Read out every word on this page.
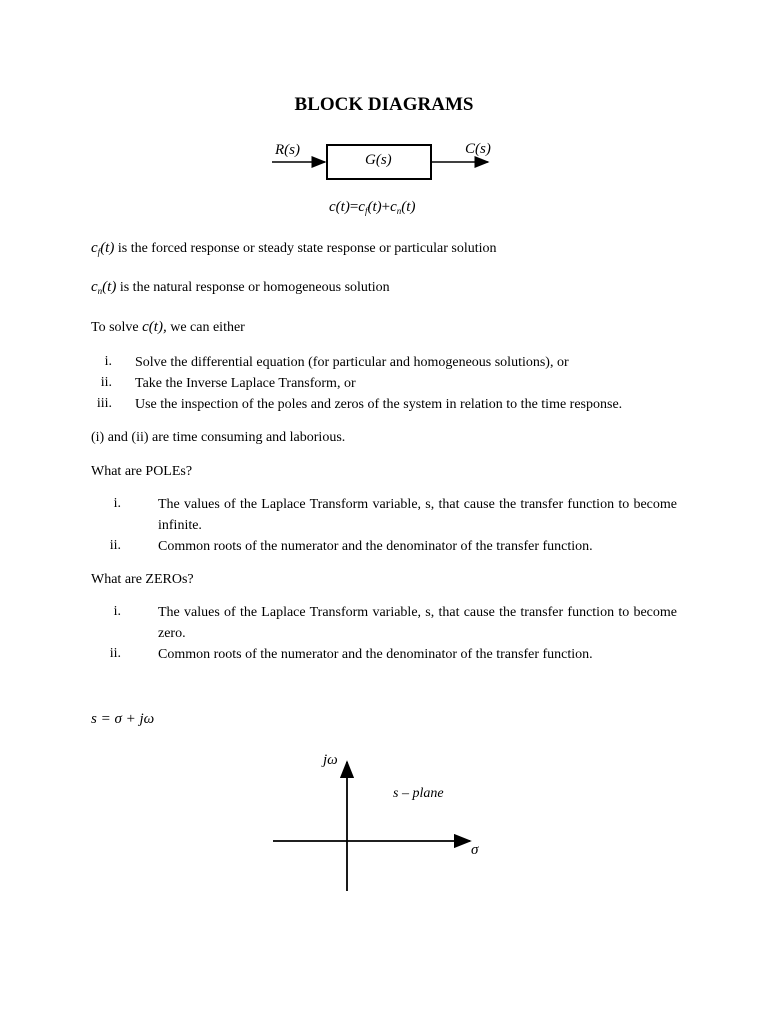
BLOCK DIAGRAMS
R(s)
G(s)
C(s)
$c(t)=c_f(t)+c_n(t)$
$c_f(t)$ is the forced response or steady state response or particular solution
$c_n(t)$ is the natural response or homogeneous solution
To solve c(t), we can either
i. Solve the differential equation (for particular and homogeneous solutions), or
ii. Take the Inverse Laplace Transform, or
iii. Use the inspection of the poles and zeros of the system in relation to the time response.
(i) and (ii) are time consuming and laborious.
What are POLEs?
i.	The values of the Laplace Transform variable, s, that cause the transfer function to become infinite.
ii.	Common roots of the numerator and the denominator of the transfer function.
What are ZEROs?
i.	The values of the Laplace Transform variable, s, that cause the transfer function to become zero.
ii.	Common roots of the numerator and the denominator of the transfer function.
s = σ + jω
jω
σ
s – plane
